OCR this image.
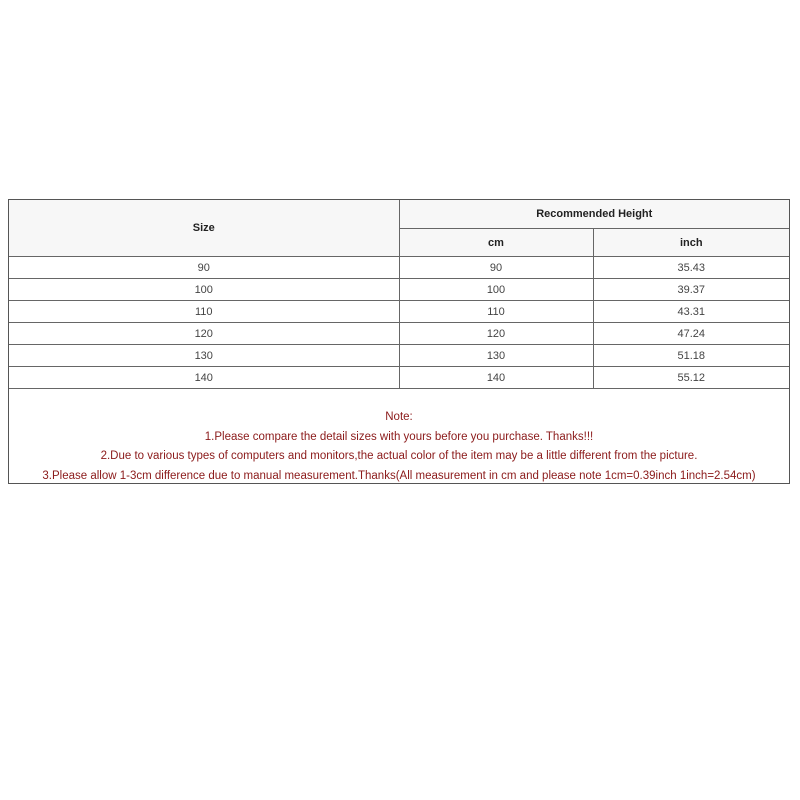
Size	Recommended Height	
	cm	inch
90	90	35.43
100	100	39.37
110	110	43.31
120	120	47.24
130	130	51.18
140	140	55.12
Note:
1.Please compare the detail sizes with yours before you purchase. Thanks!!!
2.Due to various types of computers and monitors,the actual color of the item may be a little different from the picture.
3.Please allow 1-3cm difference due to manual measurement.Thanks(All measurement in cm and please note 1cm=0.39inch 1inch=2.54cm)
